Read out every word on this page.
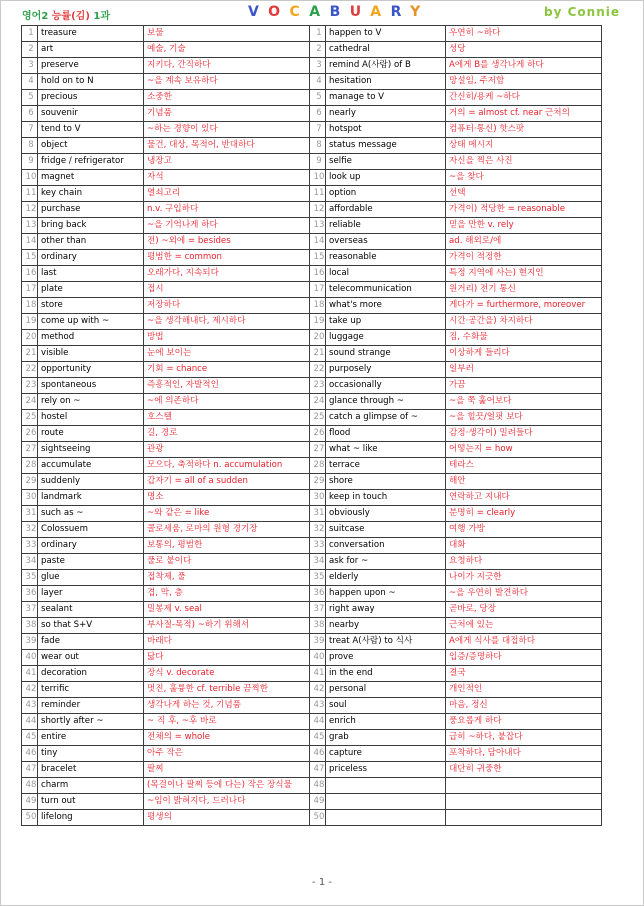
영어2 능률(김) 1과	VOCABUARY	by Connie
1	treasure	보물	1	happen to V	우연히 ~하다
2	art	예술, 기술	2	cathedral	성당
3	preserve	지키다, 간직하다	3	remind A(사람) of B	A에게 B를 생각나게 하다
4	hold on to N	~을 계속 보유하다	4	hesitation	망설임, 주저함
5	precious	소중한	5	manage to V	간신히/용케 ~하다
6	souvenir	기념품	6	nearly	거의 = almost cf. near 근처의
7	tend to V	~하는 경향이 있다	7	hotspot	컴퓨터·통신) 핫스팟
8	object	물건, 대상, 목적어, 반대하다	8	status message	상태 메시지
9	fridge / refrigerator	냉장고	9	selfie	자신을 찍은 사진
10	magnet	자석	10	look up	~을 찾다
11	key chain	열쇠고리	11	option	선택
12	purchase	n.v. 구입하다	12	affordable	가격이) 적당한 = reasonable
13	bring back	~을 기억나게 하다	13	reliable	믿을 만한 v. rely
14	other than	전) ~외에 = besides	14	overseas	ad. 해외로/에
15	ordinary	평범한 = common	15	reasonable	가격이 적정한
16	last	오래가다, 지속되다	16	local	특정 지역에 사는) 현지인
17	plate	접시	17	telecommunication	원거리) 전기 통신
18	store	저장하다	18	what's more	게다가 = furthermore, moreover
19	come up with ~	~을 생각해내다, 제시하다	19	take up	시간·공간을) 차지하다
20	method	방법	20	luggage	짐, 수화물
21	visible	눈에 보이는	21	sound strange	이상하게 들리다
22	opportunity	기회 = chance	22	purposely	일부러
23	spontaneous	즉흥적인, 자발적인	23	occasionally	가끔
24	rely on ~	~에 의존하다	24	glance through ~	~을 쭉 훑어보다
25	hostel	호스텔	25	catch a glimpse of ~	~을 힐끗/얼핏 보다
26	route	길, 경로	26	flood	감정·생각이) 밀려들다
27	sightseeing	관광	27	what ~ like	어떻는지 = how
28	accumulate	모으다, 축적하다 n. accumulation	28	terrace	테라스
29	suddenly	갑자기 = all of a sudden	29	shore	해안
30	landmark	명소	30	keep in touch	연락하고 지내다
31	such as ~	~와 같은 = like	31	obviously	분명히 = clearly
32	Colossuem	콜로세움, 로마의 원형 경기장	32	suitcase	여행 가방
33	ordinary	보통의, 평범한	33	conversation	대화
34	paste	풀로 붙이다	34	ask for ~	요청하다
35	glue	접착제, 풀	35	elderly	나이가 지긋한
36	layer	겹, 막, 층	36	happen upon ~	~을 우연히 발견하다
37	sealant	밀봉제 v. seal	37	right away	곧바로, 당장
38	so that S+V	부사절-목적) ~하기 위해서	38	nearby	근처에 있는
39	fade	바래다	39	treat A(사람) to 식사	A에게 식사를 대접하다
40	wear out	닳다	40	prove	입증/증명하다
41	decoration	장식 v. decorate	41	in the end	결국
42	terrific	멋진, 훌륭한 cf. terrible 끔찍한	42	personal	개인적인
43	reminder	생각나게 하는 것, 기념품	43	soul	마음, 정신
44	shortly after ~	~ 직 후, ~후 바로	44	enrich	풍요롭게 하다
45	entire	전체의 = whole	45	grab	급히 ~하다, 붙잡다
46	tiny	아주 작은	46	capture	포착하다, 담아내다
47	bracelet	팔찌	47	priceless	대단히 귀중한
48	charm	(목걸이나 팔찌 등에 다는) 작은 장식물	48		
49	turn out	~임이 밝혀지다, 드러나다	49		
50	lifelong	평생의	50		
- 1 -
